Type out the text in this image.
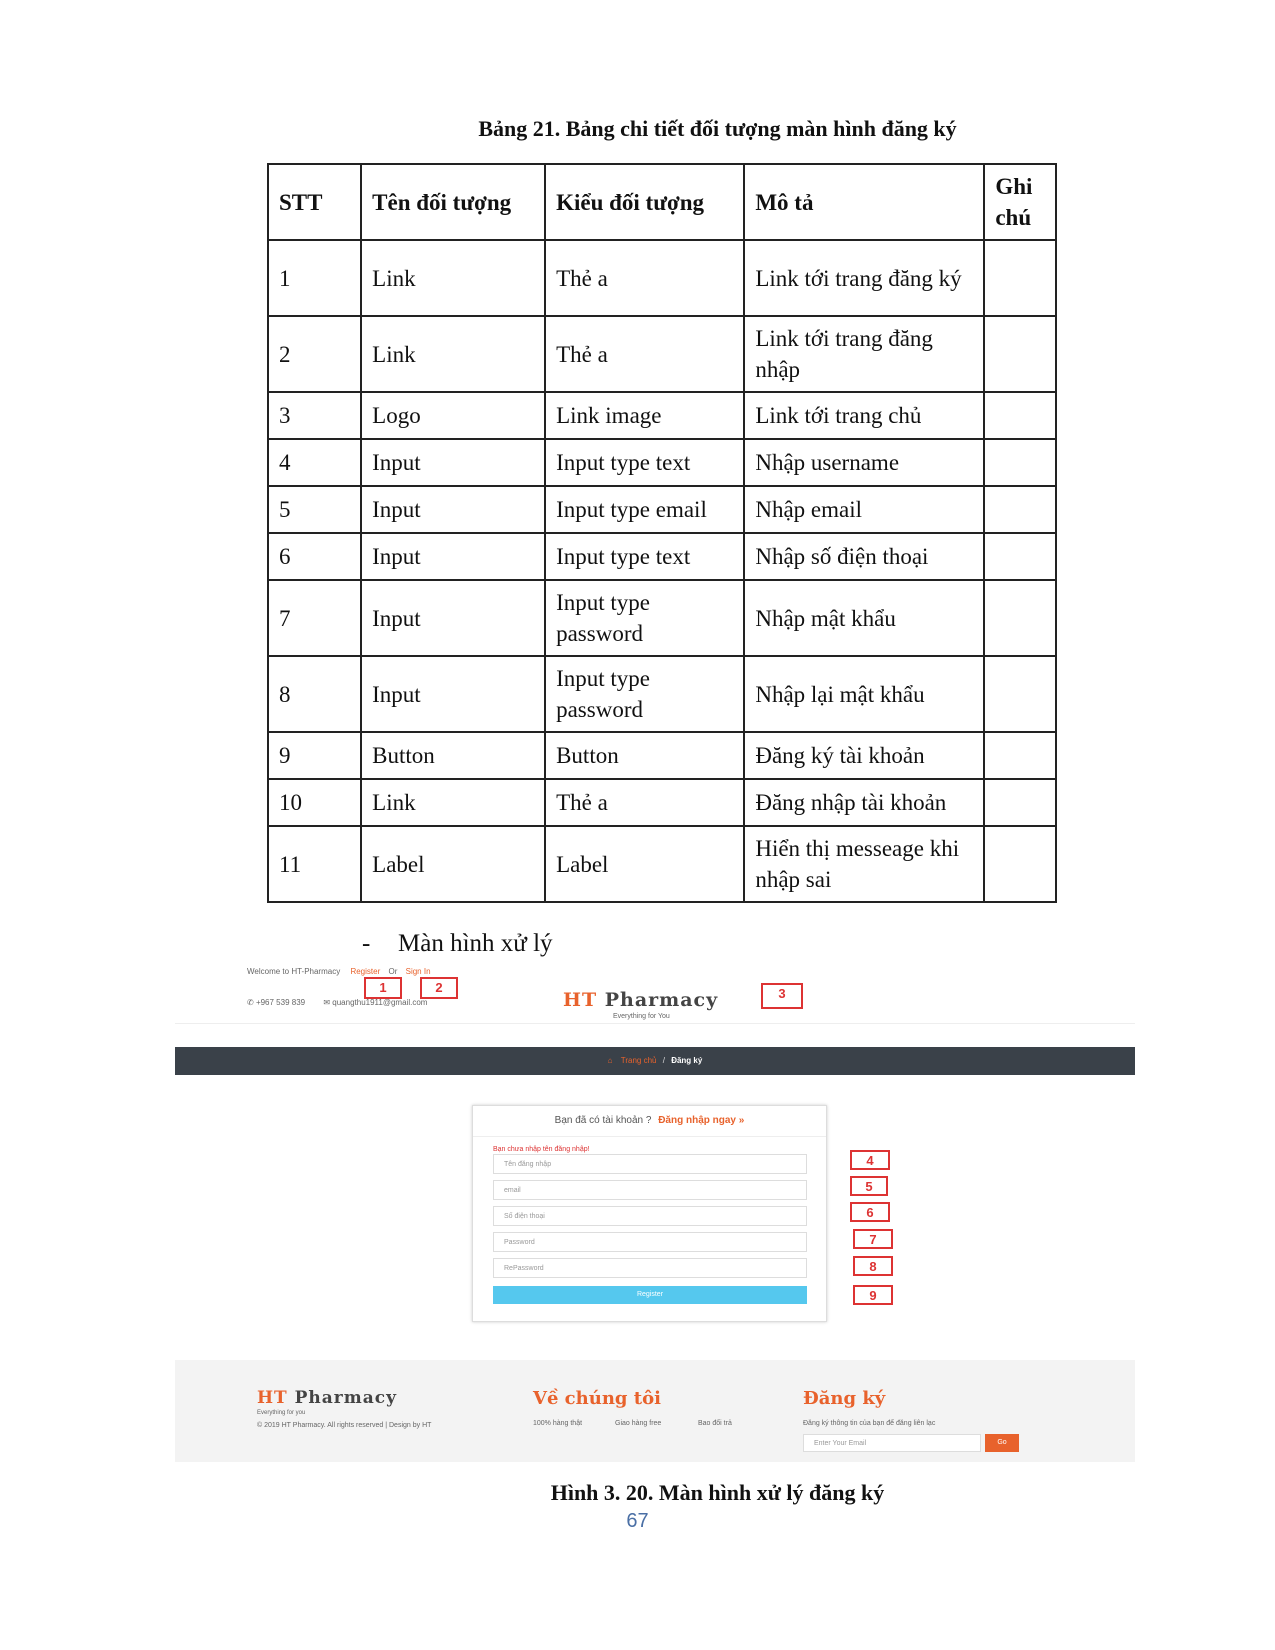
Bảng 21. Bảng chi tiết đối tượng màn hình đăng ký
STT	Tên đối tượng	Kiểu đối tượng	Mô tả	Ghi chú
1	Link	Thẻ a	Link tới trang đăng ký	
2	Link	Thẻ a	Link tới trang đăng nhập	
3	Logo	Link image	Link tới trang chủ	
4	Input	Input type text	Nhập username	
5	Input	Input type email	Nhập email	
6	Input	Input type text	Nhập số điện thoại	
7	Input	Input type password	Nhập mật khẩu	
8	Input	Input type password	Nhập lại mật khẩu	
9	Button	Button	Đăng ký tài khoản	
10	Link	Thẻ a	Đăng nhập tài khoản	
11	Label	Label	Hiển thị messeage khi nhập sai	
- Màn hình xử lý
Welcome to HT-Pharmacy Register Or Sign In
1	2
✆ +967 539 839 ✉ quangthu1911@gmail.com	HT Pharmacy
Everything for You
3
⌂ Trang chủ / Đăng ký
Bạn đã có tài khoản ? Đăng nhập ngay »
Bạn chưa nhập tên đăng nhập!
Tên đăng nhập
email
Số điện thoại
Password
RePassword
Register
4
5
6
7
8
9
HT Pharmacy
Everything for you
© 2019 HT Pharmacy. All rights reserved | Design by HT
Về chúng tôi
100% hàng thật	Giao hàng free	Bao đổi trả
Đăng ký
Đăng ký thông tin của bạn để đăng liên lạc
Enter Your Email	Go
Hình 3. 20. Màn hình xử lý đăng ký
67
